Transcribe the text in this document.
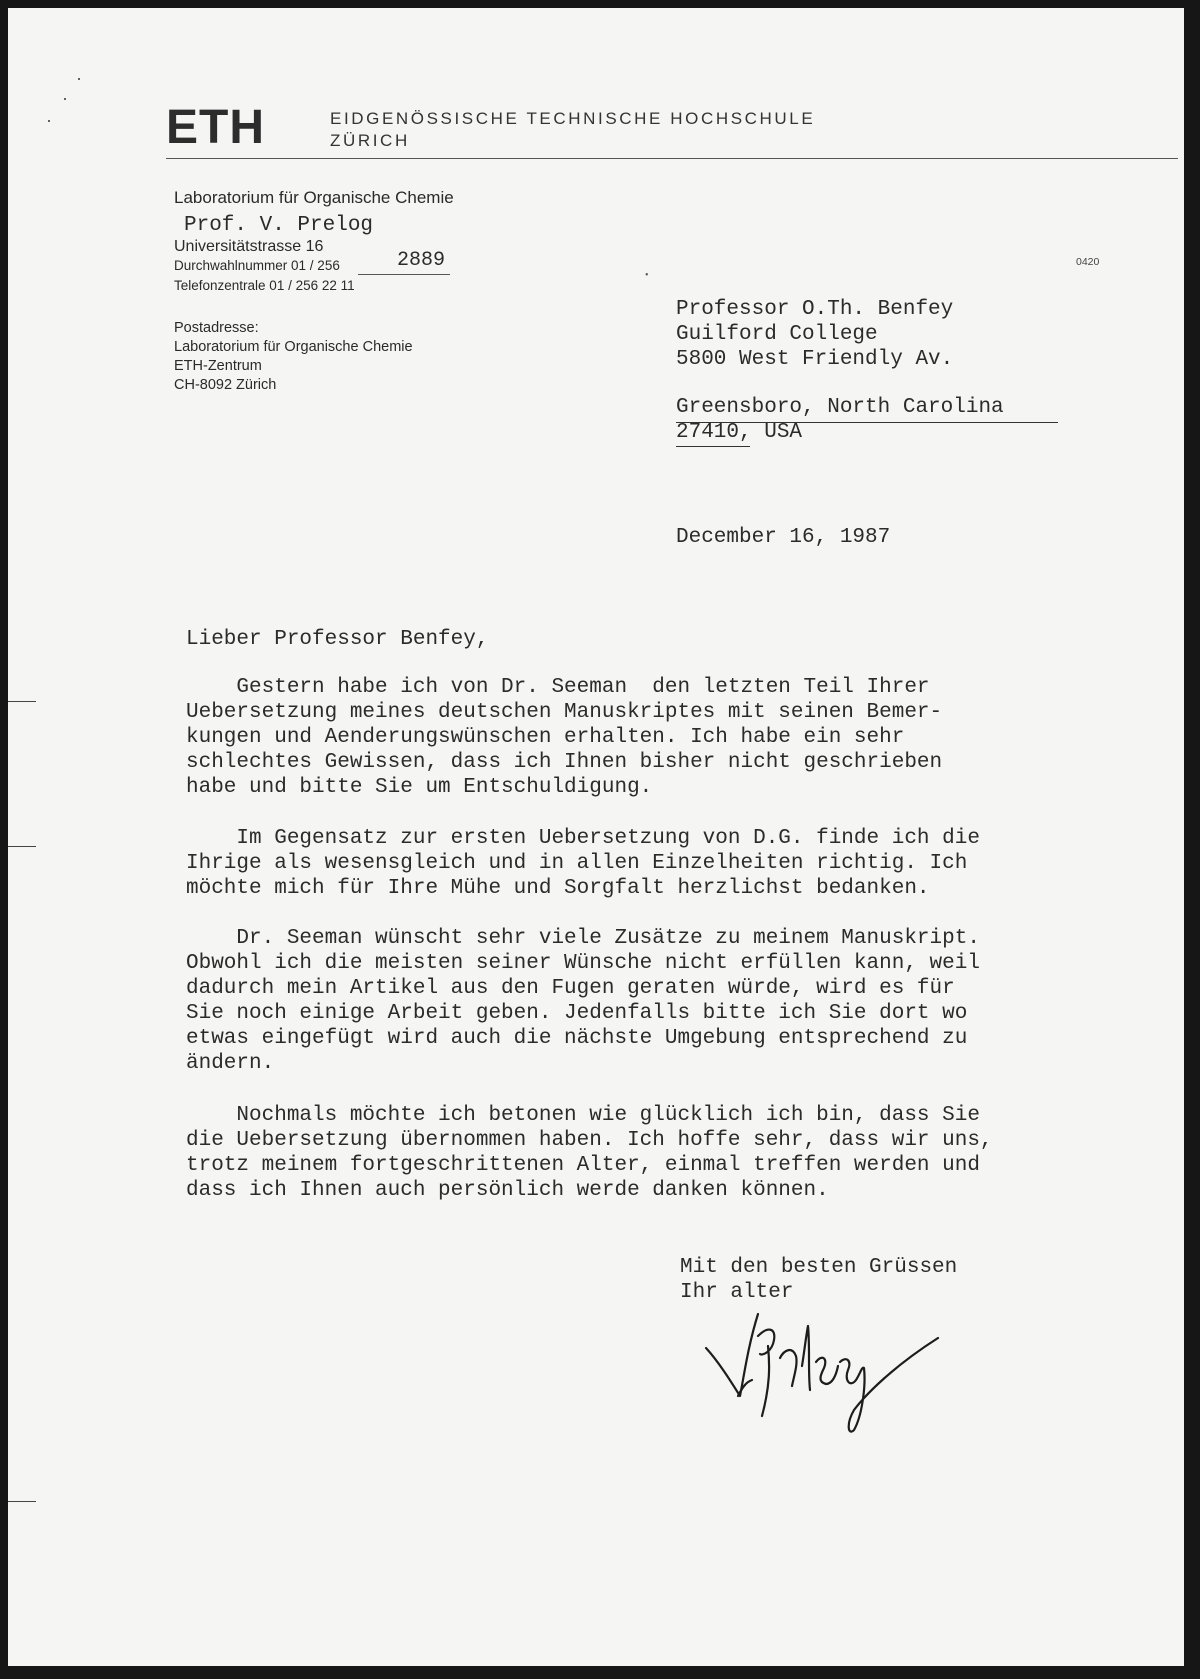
ETH	EIDGENÖSSISCHE TECHNISCHE HOCHSCHULE
ZÜRICH
Laboratorium für Organische Chemie
Prof. V. Prelog
Universitätstrasse 16
Durchwahlnummer 01 / 256	2889
Telefonzentrale 01 / 256 22 11
Postadresse:
Laboratorium für Organische Chemie
ETH-Zentrum
CH-8092 Zürich
0420
•
Professor O.Th. Benfey
Guilford College
5800 West Friendly Av.
Greensboro, North Carolina
27410, USA
December 16, 1987
Lieber Professor Benfey,
Gestern habe ich von Dr. Seeman  den letzten Teil Ihrer
Uebersetzung meines deutschen Manuskriptes mit seinen Bemer-
kungen und Aenderungswünschen erhalten. Ich habe ein sehr
schlechtes Gewissen, dass ich Ihnen bisher nicht geschrieben
habe und bitte Sie um Entschuldigung.
Im Gegensatz zur ersten Uebersetzung von D.G. finde ich die
Ihrige als wesensgleich und in allen Einzelheiten richtig. Ich
möchte mich für Ihre Mühe und Sorgfalt herzlichst bedanken.
Dr. Seeman wünscht sehr viele Zusätze zu meinem Manuskript.
Obwohl ich die meisten seiner Wünsche nicht erfüllen kann, weil
dadurch mein Artikel aus den Fugen geraten würde, wird es für
Sie noch einige Arbeit geben. Jedenfalls bitte ich Sie dort wo
etwas eingefügt wird auch die nächste Umgebung entsprechend zu
ändern.
Nochmals möchte ich betonen wie glücklich ich bin, dass Sie
die Uebersetzung übernommen haben. Ich hoffe sehr, dass wir uns,
trotz meinem fortgeschrittenen Alter, einmal treffen werden und
dass ich Ihnen auch persönlich werde danken können.
Mit den besten Grüssen
Ihr alter
